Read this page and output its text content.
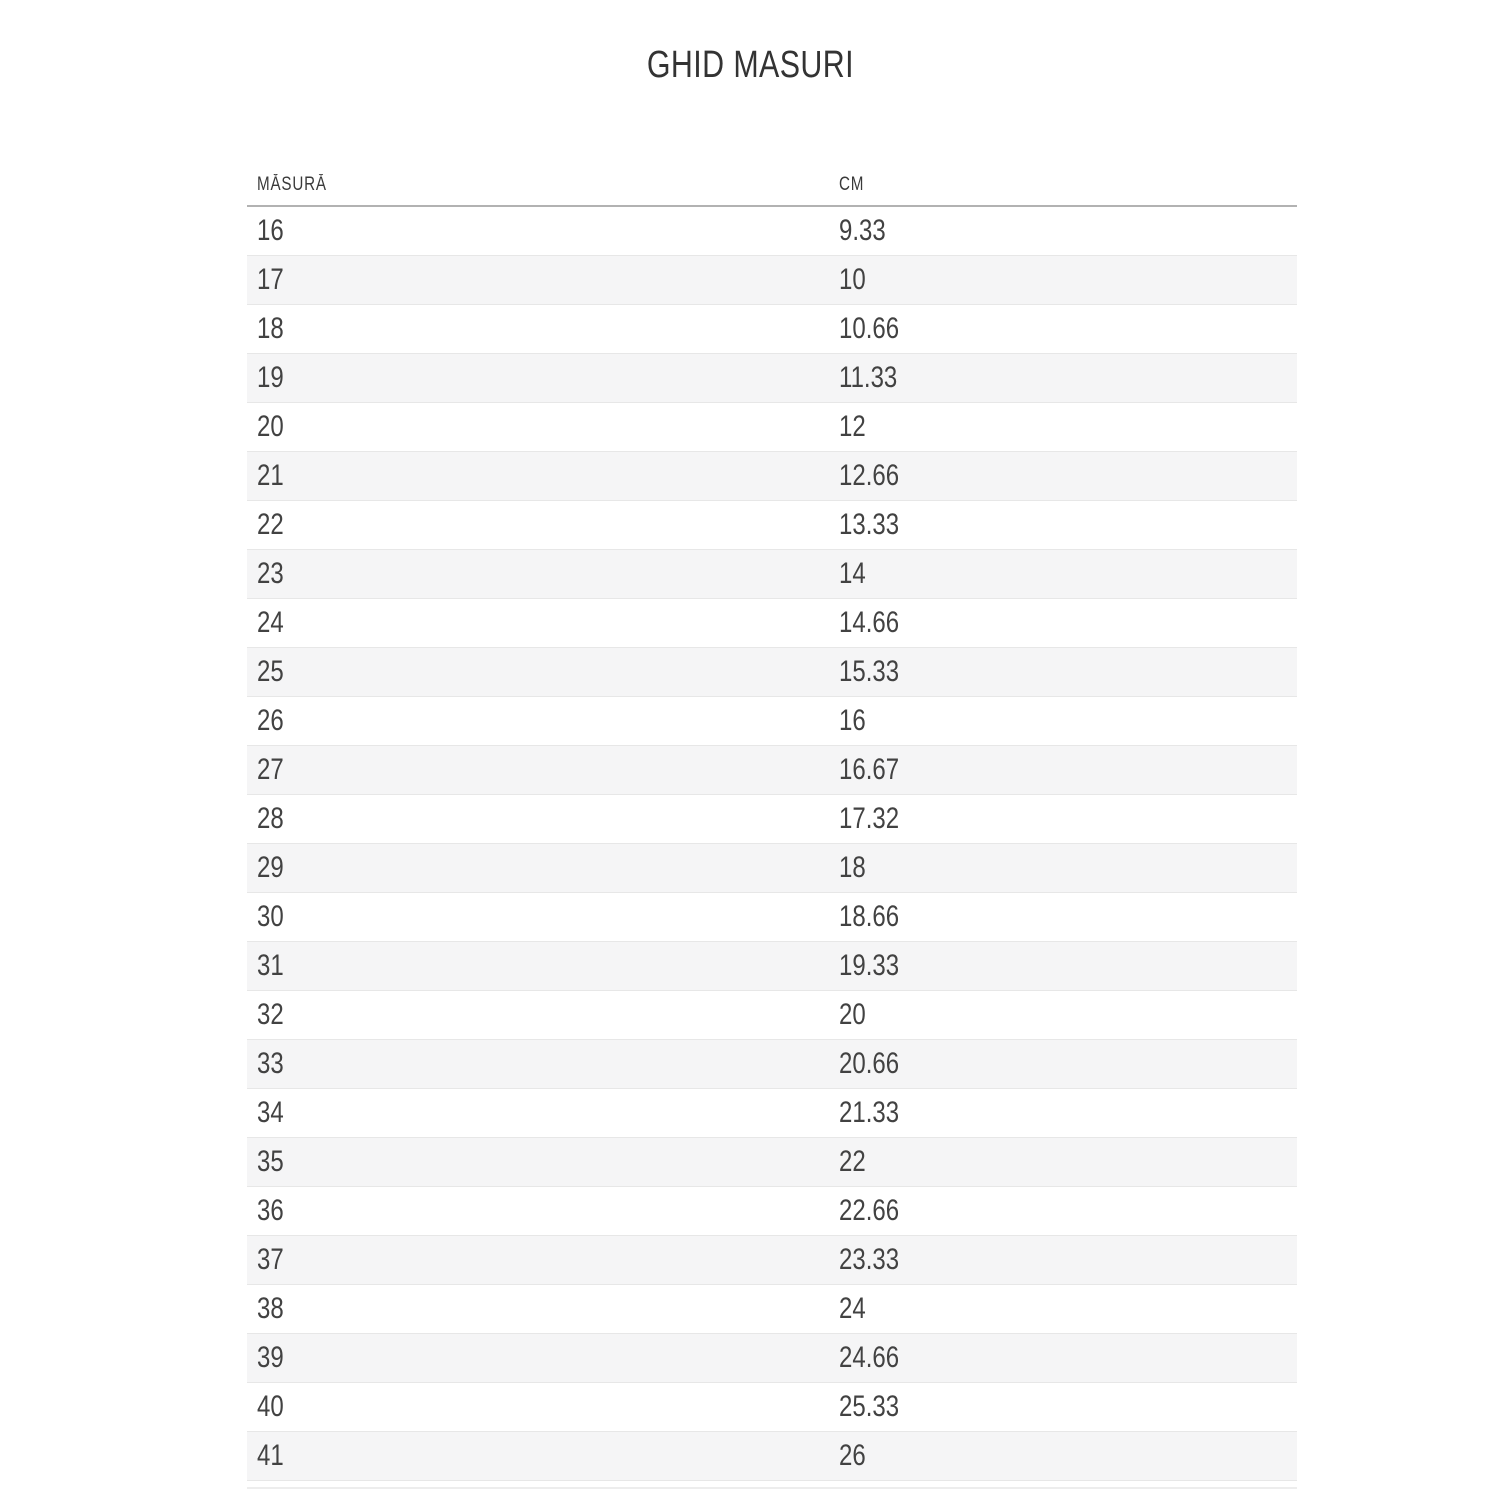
GHID MASURI
MĂSURĂ	CM
16	9.33
17	10
18	10.66
19	11.33
20	12
21	12.66
22	13.33
23	14
24	14.66
25	15.33
26	16
27	16.67
28	17.32
29	18
30	18.66
31	19.33
32	20
33	20.66
34	21.33
35	22
36	22.66
37	23.33
38	24
39	24.66
40	25.33
41	26
